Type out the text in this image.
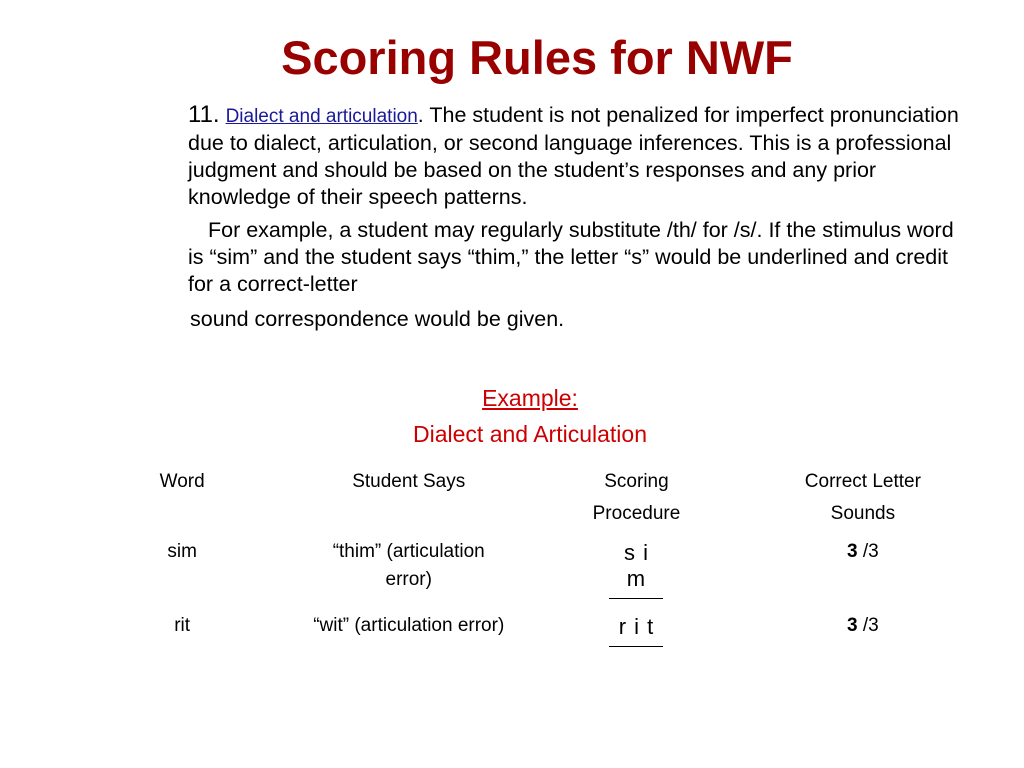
Scoring Rules for NWF
11. Dialect and articulation. The student is not penalized for imperfect pronunciation due to dialect, articulation, or second language inferences. This is a professional judgment and should be based on the student’s responses and any prior knowledge of their speech patterns.
For example, a student may regularly substitute /th/ for /s/. If the stimulus word is “sim” and the student says “thim,” the letter “s” would be underlined and credit for a correct-letter
sound correspondence would be given.
Example:
Dialect and Articulation
Word	Student Says	Scoring Procedure	Correct Letter Sounds
sim	“thim” (articulation error)	s i m	3 /3
rit	“wit” (articulation error)	r i t	3 /3
